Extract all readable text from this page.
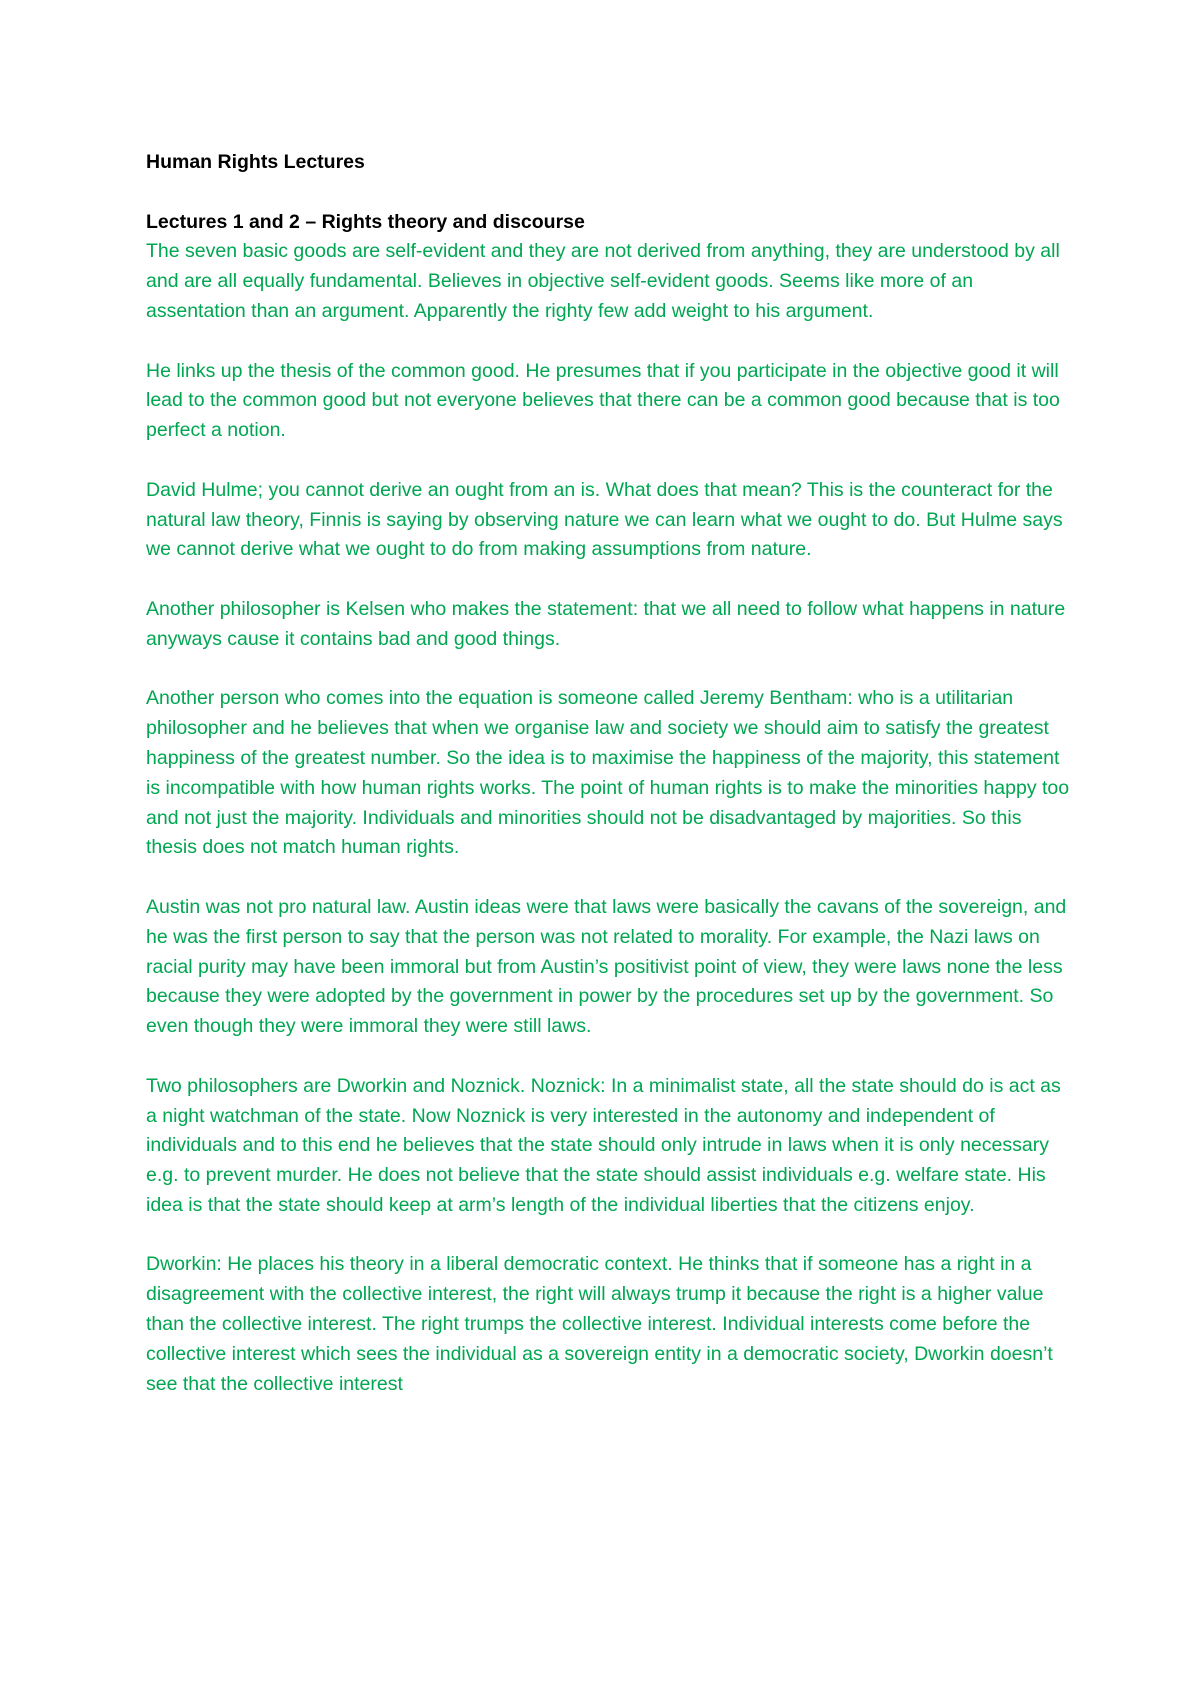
Human Rights Lectures

Lectures 1 and 2 – Rights theory and discourse

The seven basic goods are self-evident and they are not derived from anything, they are understood by all and are all equally fundamental. Believes in objective self-evident goods. Seems like more of an assentation than an argument. Apparently the righty few add weight to his argument.

He links up the thesis of the common good. He presumes that if you participate in the objective good it will lead to the common good but not everyone believes that there can be a common good because that is too perfect a notion.

David Hulme; you cannot derive an ought from an is. What does that mean? This is the counteract for the natural law theory, Finnis is saying by observing nature we can learn what we ought to do. But Hulme says we cannot derive what we ought to do from making assumptions from nature.

Another philosopher is Kelsen who makes the statement: that we all need to follow what happens in nature anyways cause it contains bad and good things.

Another person who comes into the equation is someone called Jeremy Bentham: who is a utilitarian philosopher and he believes that when we organise law and society we should aim to satisfy the greatest happiness of the greatest number. So the idea is to maximise the happiness of the majority, this statement is incompatible with how human rights works. The point of human rights is to make the minorities happy too and not just the majority. Individuals and minorities should not be disadvantaged by majorities. So this thesis does not match human rights.

Austin was not pro natural law. Austin ideas were that laws were basically the cavans of the sovereign, and he was the first person to say that the person was not related to morality. For example, the Nazi laws on racial purity may have been immoral but from Austin’s positivist point of view, they were laws none the less because they were adopted by the government in power by the procedures set up by the government. So even though they were immoral they were still laws.

Two philosophers are Dworkin and Noznick. Noznick: In a minimalist state, all the state should do is act as a night watchman of the state. Now Noznick is very interested in the autonomy and independent of individuals and to this end he believes that the state should only intrude in laws when it is only necessary e.g. to prevent murder. He does not believe that the state should assist individuals e.g. welfare state. His idea is that the state should keep at arm’s length of the individual liberties that the citizens enjoy.

Dworkin: He places his theory in a liberal democratic context. He thinks that if someone has a right in a disagreement with the collective interest, the right will always trump it because the right is a higher value than the collective interest. The right trumps the collective interest. Individual interests come before the collective interest which sees the individual as a sovereign entity in a democratic society, Dworkin doesn’t see that the collective interest
